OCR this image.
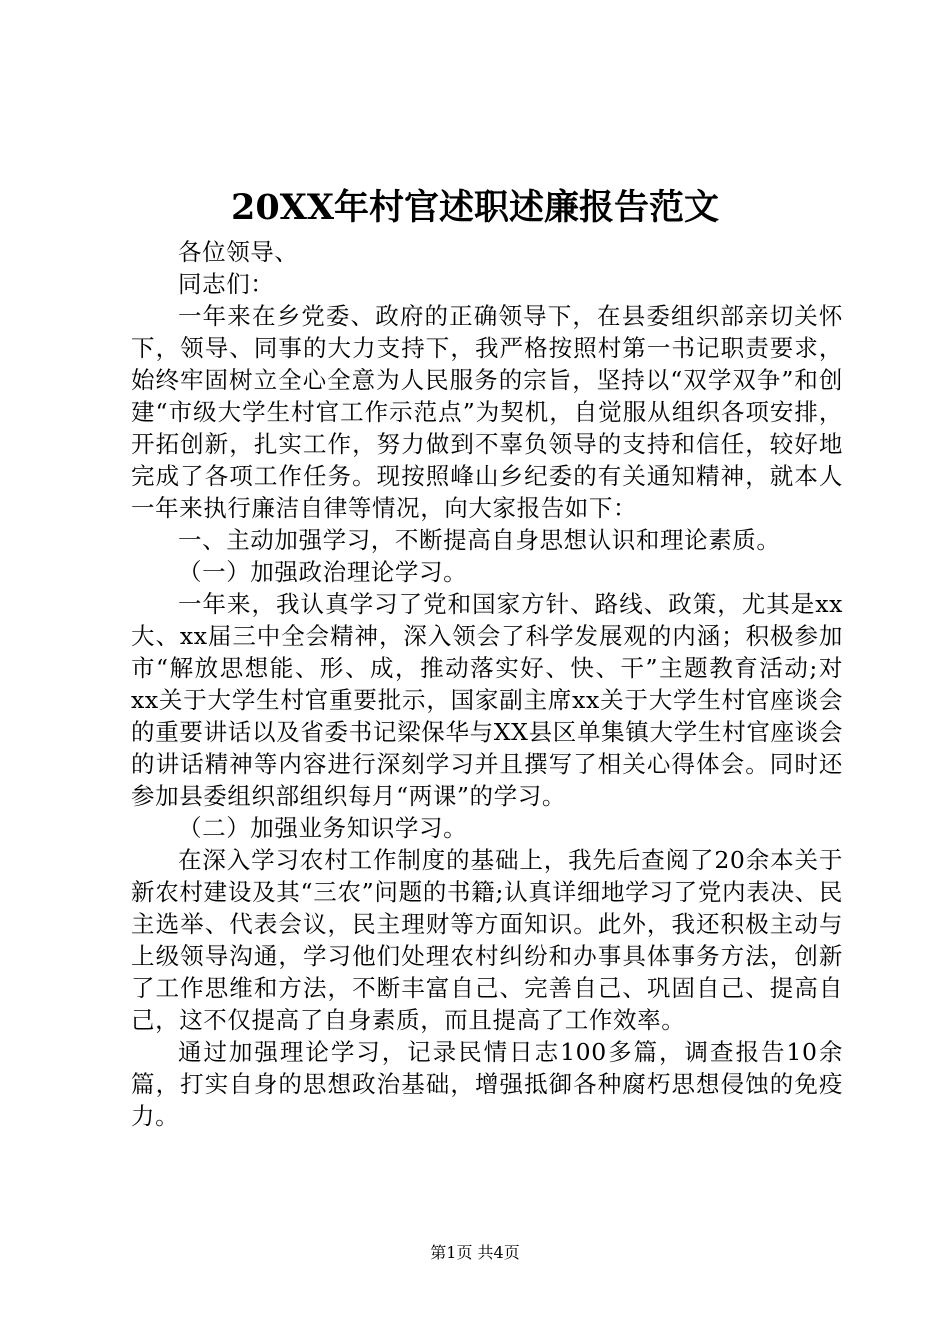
20XX年村官述职述廉报告范文

各位领导、

同志们：

一年来在乡党委、政府的正确领导下，在县委组织部亲切关怀下，领导、同事的大力支持下，我严格按照村第一书记职责要求，始终牢固树立全心全意为人民服务的宗旨，坚持以“双学双争”和创建“市级大学生村官工作示范点”为契机，自觉服从组织各项安排，开拓创新，扎实工作，努力做到不辜负领导的支持和信任，较好地完成了各项工作任务。现按照峰山乡纪委的有关通知精神，就本人一年来执行廉洁自律等情况，向大家报告如下：

一、主动加强学习，不断提高自身思想认识和理论素质。

（一）加强政治理论学习。

一年来，我认真学习了党和国家方针、路线、政策，尤其是xx大、xx届三中全会精神，深入领会了科学发展观的内涵；积极参加市“解放思想能、形、成，推动落实好、快、干”主题教育活动;对xx关于大学生村官重要批示，国家副主席xx关于大学生村官座谈会的重要讲话以及省委书记梁保华与XX县区单集镇大学生村官座谈会的讲话精神等内容进行深刻学习并且撰写了相关心得体会。同时还参加县委组织部组织每月“两课”的学习。

（二）加强业务知识学习。

在深入学习农村工作制度的基础上，我先后查阅了20余本关于新农村建设及其“三农”问题的书籍;认真详细地学习了党内表决、民主选举、代表会议，民主理财等方面知识。此外，我还积极主动与上级领导沟通，学习他们处理农村纠纷和办事具体事务方法，创新了工作思维和方法，不断丰富自己、完善自己、巩固自己、提高自己，这不仅提高了自身素质，而且提高了工作效率。

通过加强理论学习，记录民情日志100多篇，调查报告10余篇，打实自身的思想政治基础，增强抵御各种腐朽思想侵蚀的免疫力。

第1页 共4页
